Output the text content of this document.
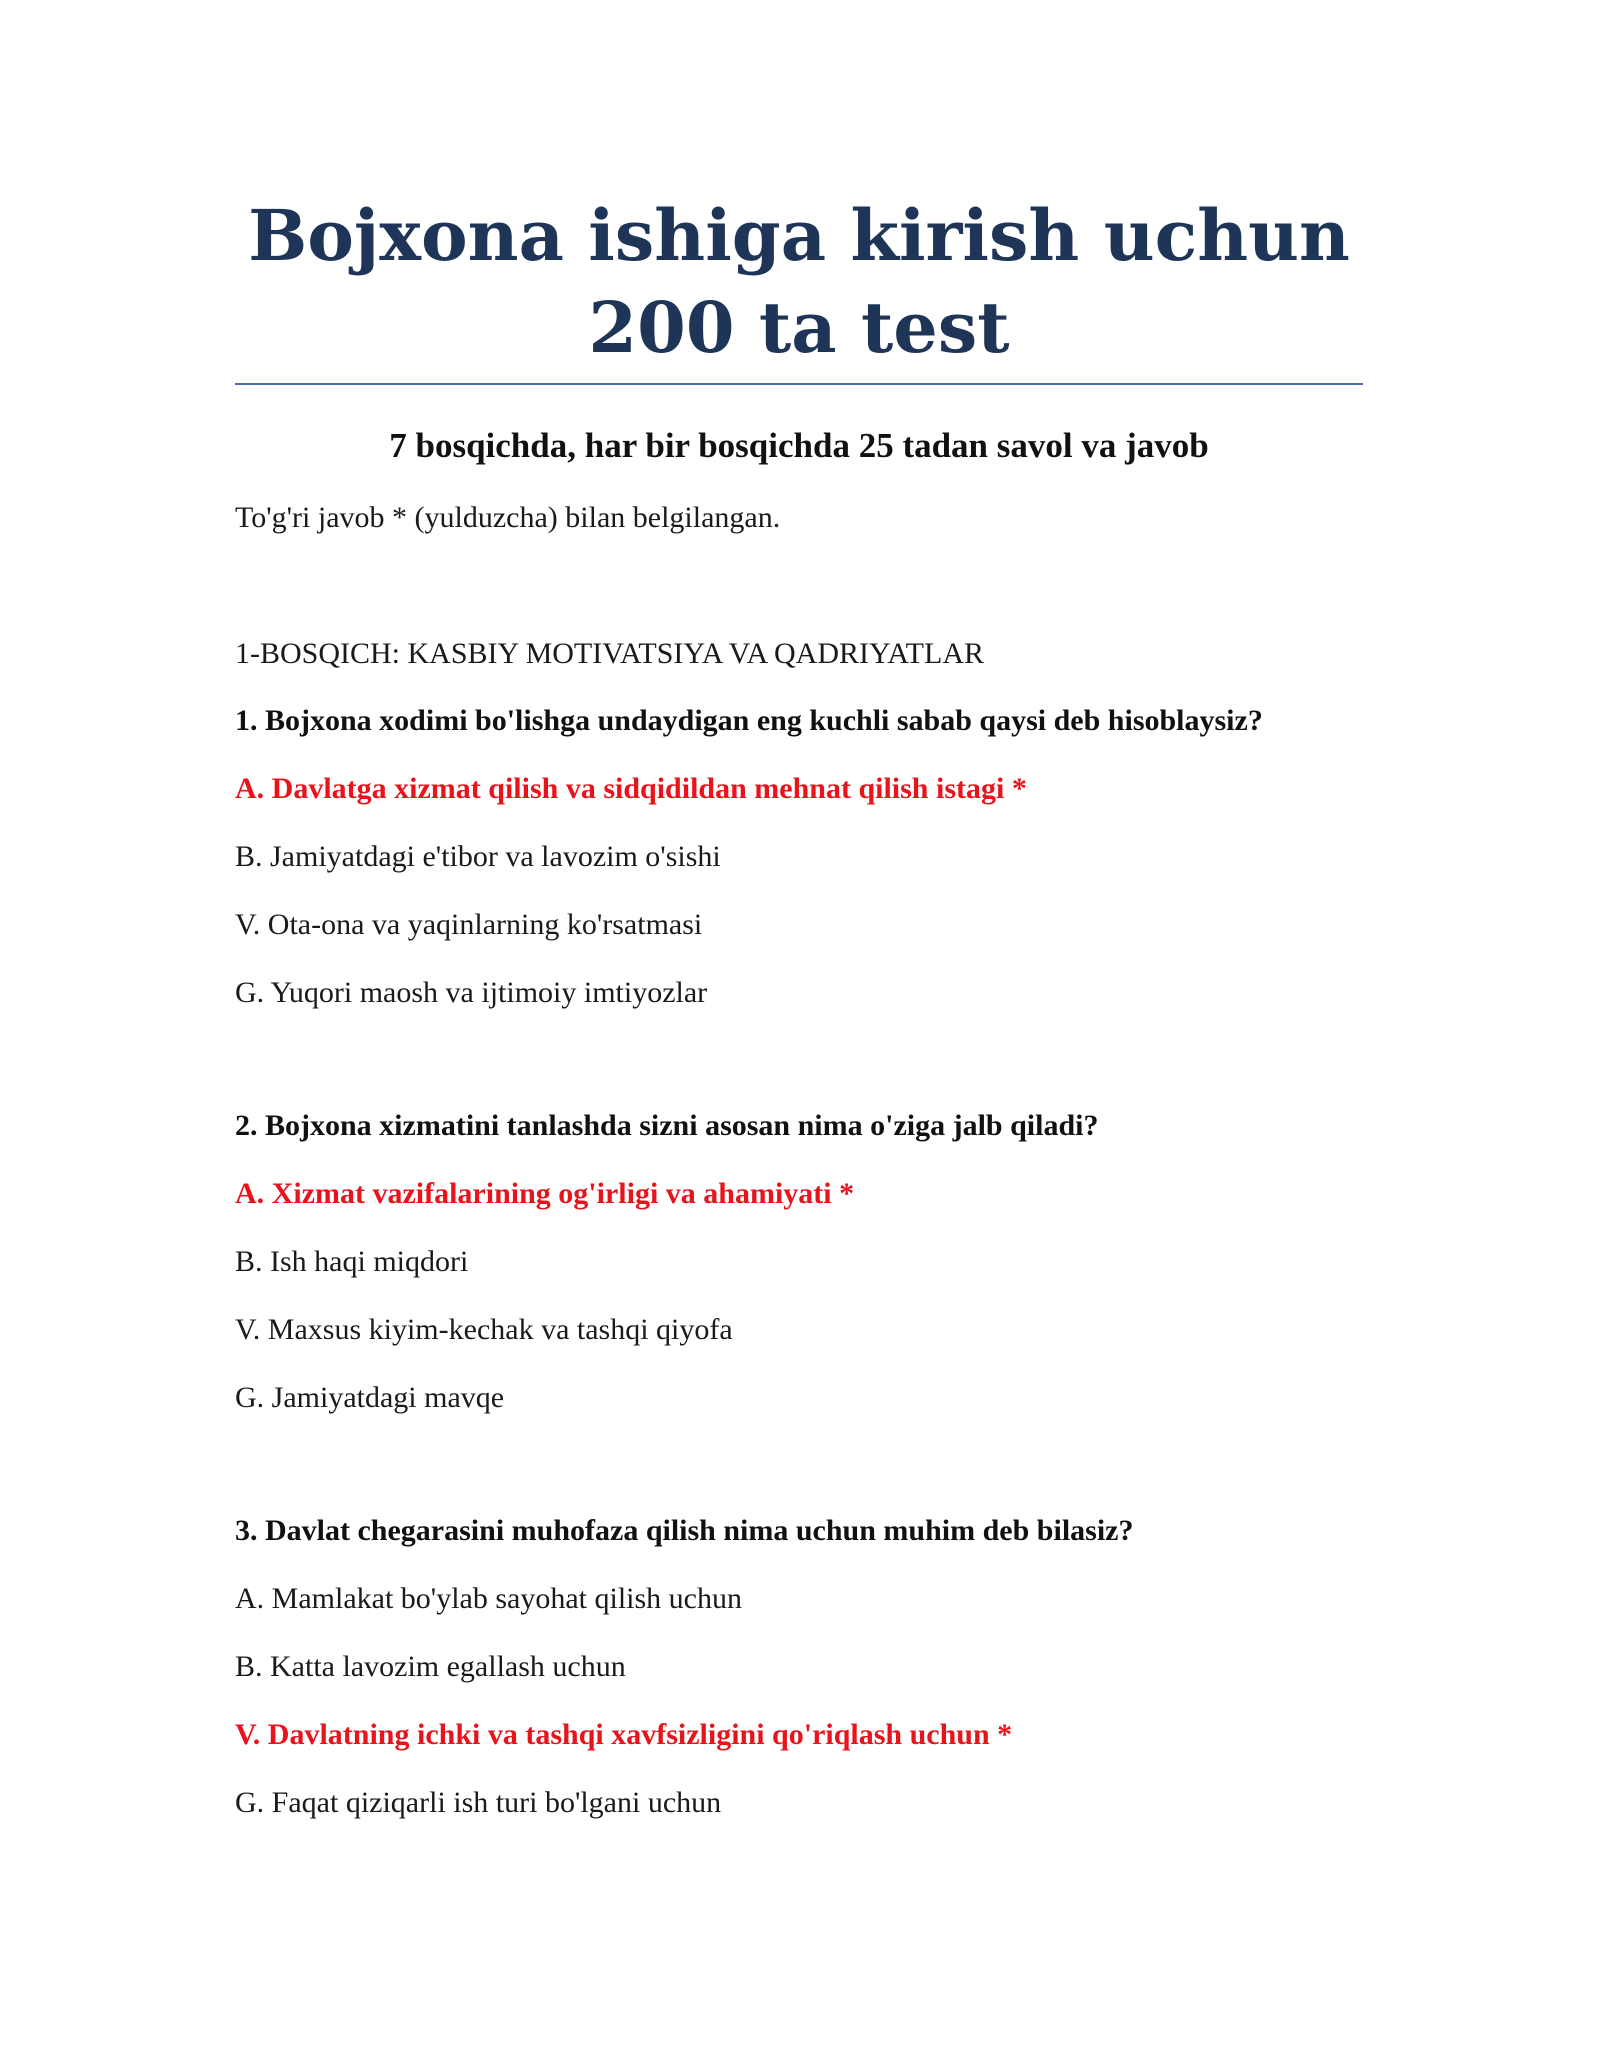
Bojxona ishiga kirish uchun 200 ta test
7 bosqichda, har bir bosqichda 25 tadan savol va javob
To'g'ri javob * (yulduzcha) bilan belgilangan.
1-BOSQICH: KASBIY MOTIVATSIYA VA QADRIYATLAR
1. Bojxona xodimi bo'lishga undaydigan eng kuchli sabab qaysi deb hisoblaysiz?
A. Davlatga xizmat qilish va sidqidildan mehnat qilish istagi *
B. Jamiyatdagi e'tibor va lavozim o'sishi
V. Ota-ona va yaqinlarning ko'rsatmasi
G. Yuqori maosh va ijtimoiy imtiyozlar
2. Bojxona xizmatini tanlashda sizni asosan nima o'ziga jalb qiladi?
A. Xizmat vazifalarining og'irligi va ahamiyati *
B. Ish haqi miqdori
V. Maxsus kiyim-kechak va tashqi qiyofa
G. Jamiyatdagi mavqe
3. Davlat chegarasini muhofaza qilish nima uchun muhim deb bilasiz?
A. Mamlakat bo'ylab sayohat qilish uchun
B. Katta lavozim egallash uchun
V. Davlatning ichki va tashqi xavfsizligini qo'riqlash uchun *
G. Faqat qiziqarli ish turi bo'lgani uchun
